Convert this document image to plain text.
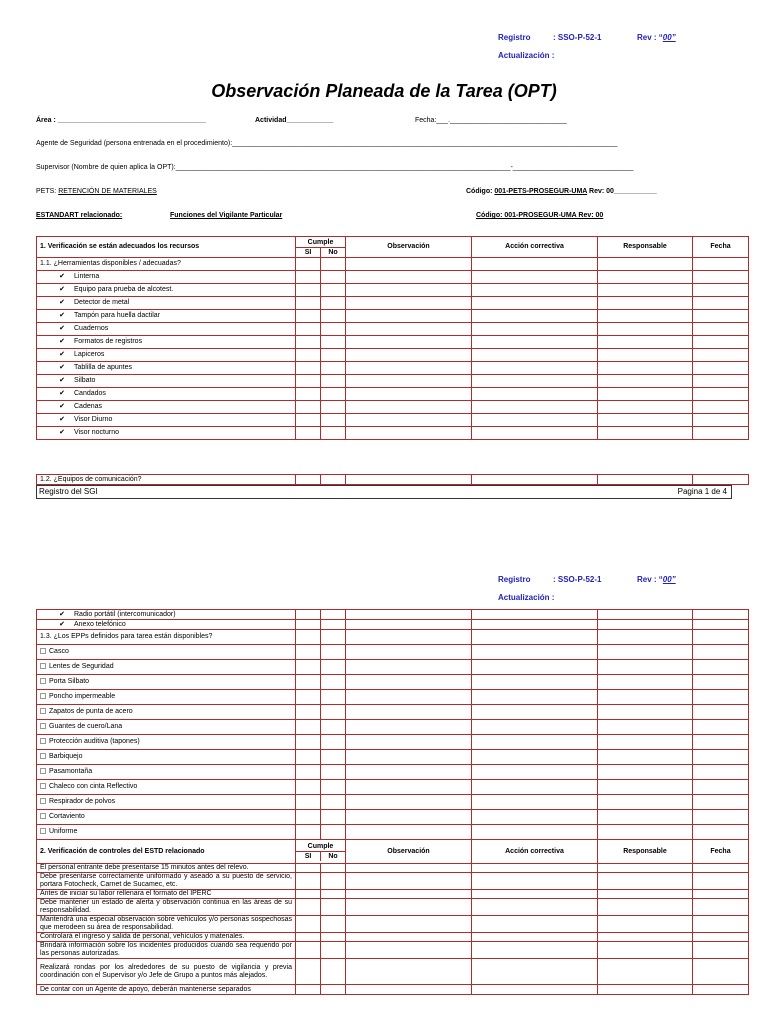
Registro	: SSO-P-52-1	Rev : “00”
Actualización :
Observación Planeada de la Tarea (OPT)
Área : ______________________________________	Actividad____________	Fecha:___.______________________________
Agente de Seguridad (persona entrenada en el procedimiento):___________________________________________________________________________________________________
Supervisor (Nombre de quien aplica la OPT):______________________________________________________________________________________-_______________________________
PETS: RETENCIÓN DE MATERIALES	Código: 001-PETS-PROSEGUR-UMA Rev: 00___________
ESTANDART relacionado:	Funciones del Vigilante Particular	Código: 001-PROSEGUR-UMA Rev: 00
1. Verificación se están adecuados los recursos	Cumple
SI No		Observación	Acción correctiva	Responsable	Fecha
1.1. ¿Herramientas disponibles / adecuadas?						
✔ Linterna						
✔ Equipo para prueba de alcotest.						
✔ Detector de metal						
✔ Tampón para huella dactilar						
✔ Cuadernos						
✔ Formatos de registros						
✔ Lapiceros						
✔ Tablilla de apuntes						
✔ Silbato						
✔ Candados						
✔ Cadenas						
✔ Visor Diurno						
✔ Visor nocturno						
1.2. ¿Equipos de comunicación?						
Registro del SGI	Pagina 1 de 4
Registro	: SSO-P-52-1	Rev : “00”
Actualización :
✔ Radio portátil (intercomunicador)						
✔ Anexo telefónico						
1.3. ¿Los EPPs definidos para tarea están disponibles?						
Casco						
Lentes de Seguridad						
Porta Silbato						
Poncho impermeable						
Zapatos de punta de acero						
Guantes de cuero/Lana						
Protección auditiva (tapones)						
Barbiquejo						
Pasamontaña						
Chaleco con cinta Reflectivo						
Respirador de polvos						
Cortaviento						
Uniforme						
2. Verificación de controles del ESTD relacionado	Cumple
SI No		Observación	Acción correctiva	Responsable	Fecha
El personal entrante debe presentarse 15 minutos antes del relevo.						
Debe presentarse correctamente uniformado y aseado a su puesto de servicio, portara Fotocheck, Carnet de Sucamec, etc.						
Antes de iniciar su labor rellenara el formato del IPERC						
Debe mantener un estado de alerta y observación continua en las áreas de su responsabilidad.						
Mantendrá una especial observación sobre vehículos y/o personas sospechosas que merodeen su área de responsabilidad.						
Controlará el ingreso y salida de personal, vehículos y materiales.						
Brindará información sobre los incidentes producidos cuando sea requerido por las personas autorizadas.						
Realizará rondas por los alrededores de su puesto de vigilancia y previa coordinación con el Supervisor y/o Jefe de Grupo a puntos más alejados.						
De contar con un Agente de apoyo, deberán mantenerse separados						
